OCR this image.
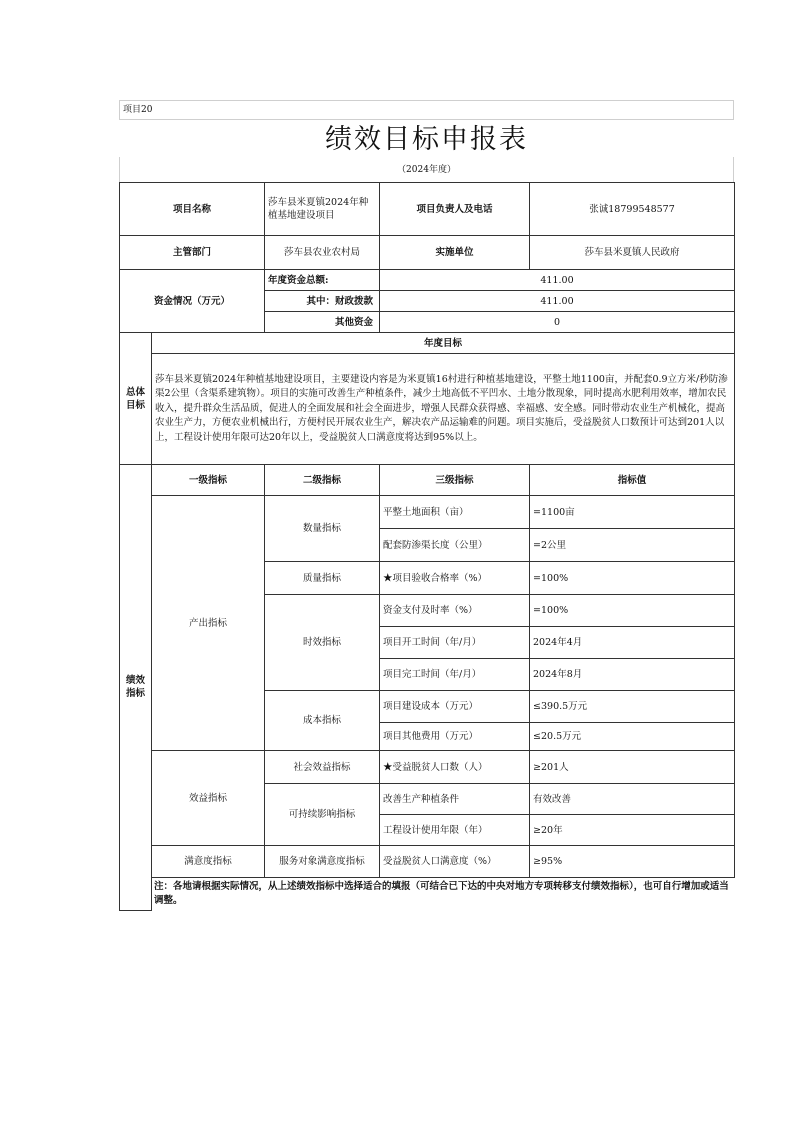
项目20
绩效目标申报表
（2024年度）
项目名称		莎车县米夏镇2024年种植基地建设项目	项目负责人及电话	张诚18799548577
主管部门		莎车县农业农村局	实施单位	莎车县米夏镇人民政府
资金情况（万元）		年度资金总额:	411.00	
		其中：财政拨款	411.00	
		其他资金	0	
总体目标	年度目标			
	莎车县米夏镇2024年种植基地建设项目，主要建设内容是为米夏镇16村进行种植基地建设，平整土地1100亩，并配套0.9立方米/秒防渗渠2公里（含渠系建筑物）。项目的实施可改善生产种植条件，减少土地高低不平凹水、土地分散现象，同时提高水肥利用效率，增加农民收入，提升群众生活品质，促进人的全面发展和社会全面进步，增强人民群众获得感、幸福感、安全感。同时带动农业生产机械化，提高农业生产力，方便农业机械出行，方便村民开展农业生产，解决农产品运输难的问题。项目实施后，受益脱贫人口数预计可达到201人以上，工程设计使用年限可达20年以上，受益脱贫人口满意度将达到95%以上。			
绩效指标	一级指标	二级指标	三级指标	指标值
	产出指标	数量指标	平整土地面积（亩）	=1100亩
			配套防渗渠长度（公里）	=2公里
		质量指标	★项目验收合格率（%）	=100%
		时效指标	资金支付及时率（%）	=100%
			项目开工时间（年/月）	2024年4月
			项目完工时间（年/月）	2024年8月
		成本指标	项目建设成本（万元）	≤390.5万元
			项目其他费用（万元）	≤20.5万元
	效益指标	社会效益指标	★受益脱贫人口数（人）	≥201人
		可持续影响指标	改善生产种植条件	有效改善
			工程设计使用年限（年）	≥20年
	满意度指标	服务对象满意度指标	受益脱贫人口满意度（%）	≥95%
	注：各地请根据实际情况，从上述绩效指标中选择适合的填报（可结合已下达的中央对地方专项转移支付绩效指标），也可自行增加或适当调整。			
